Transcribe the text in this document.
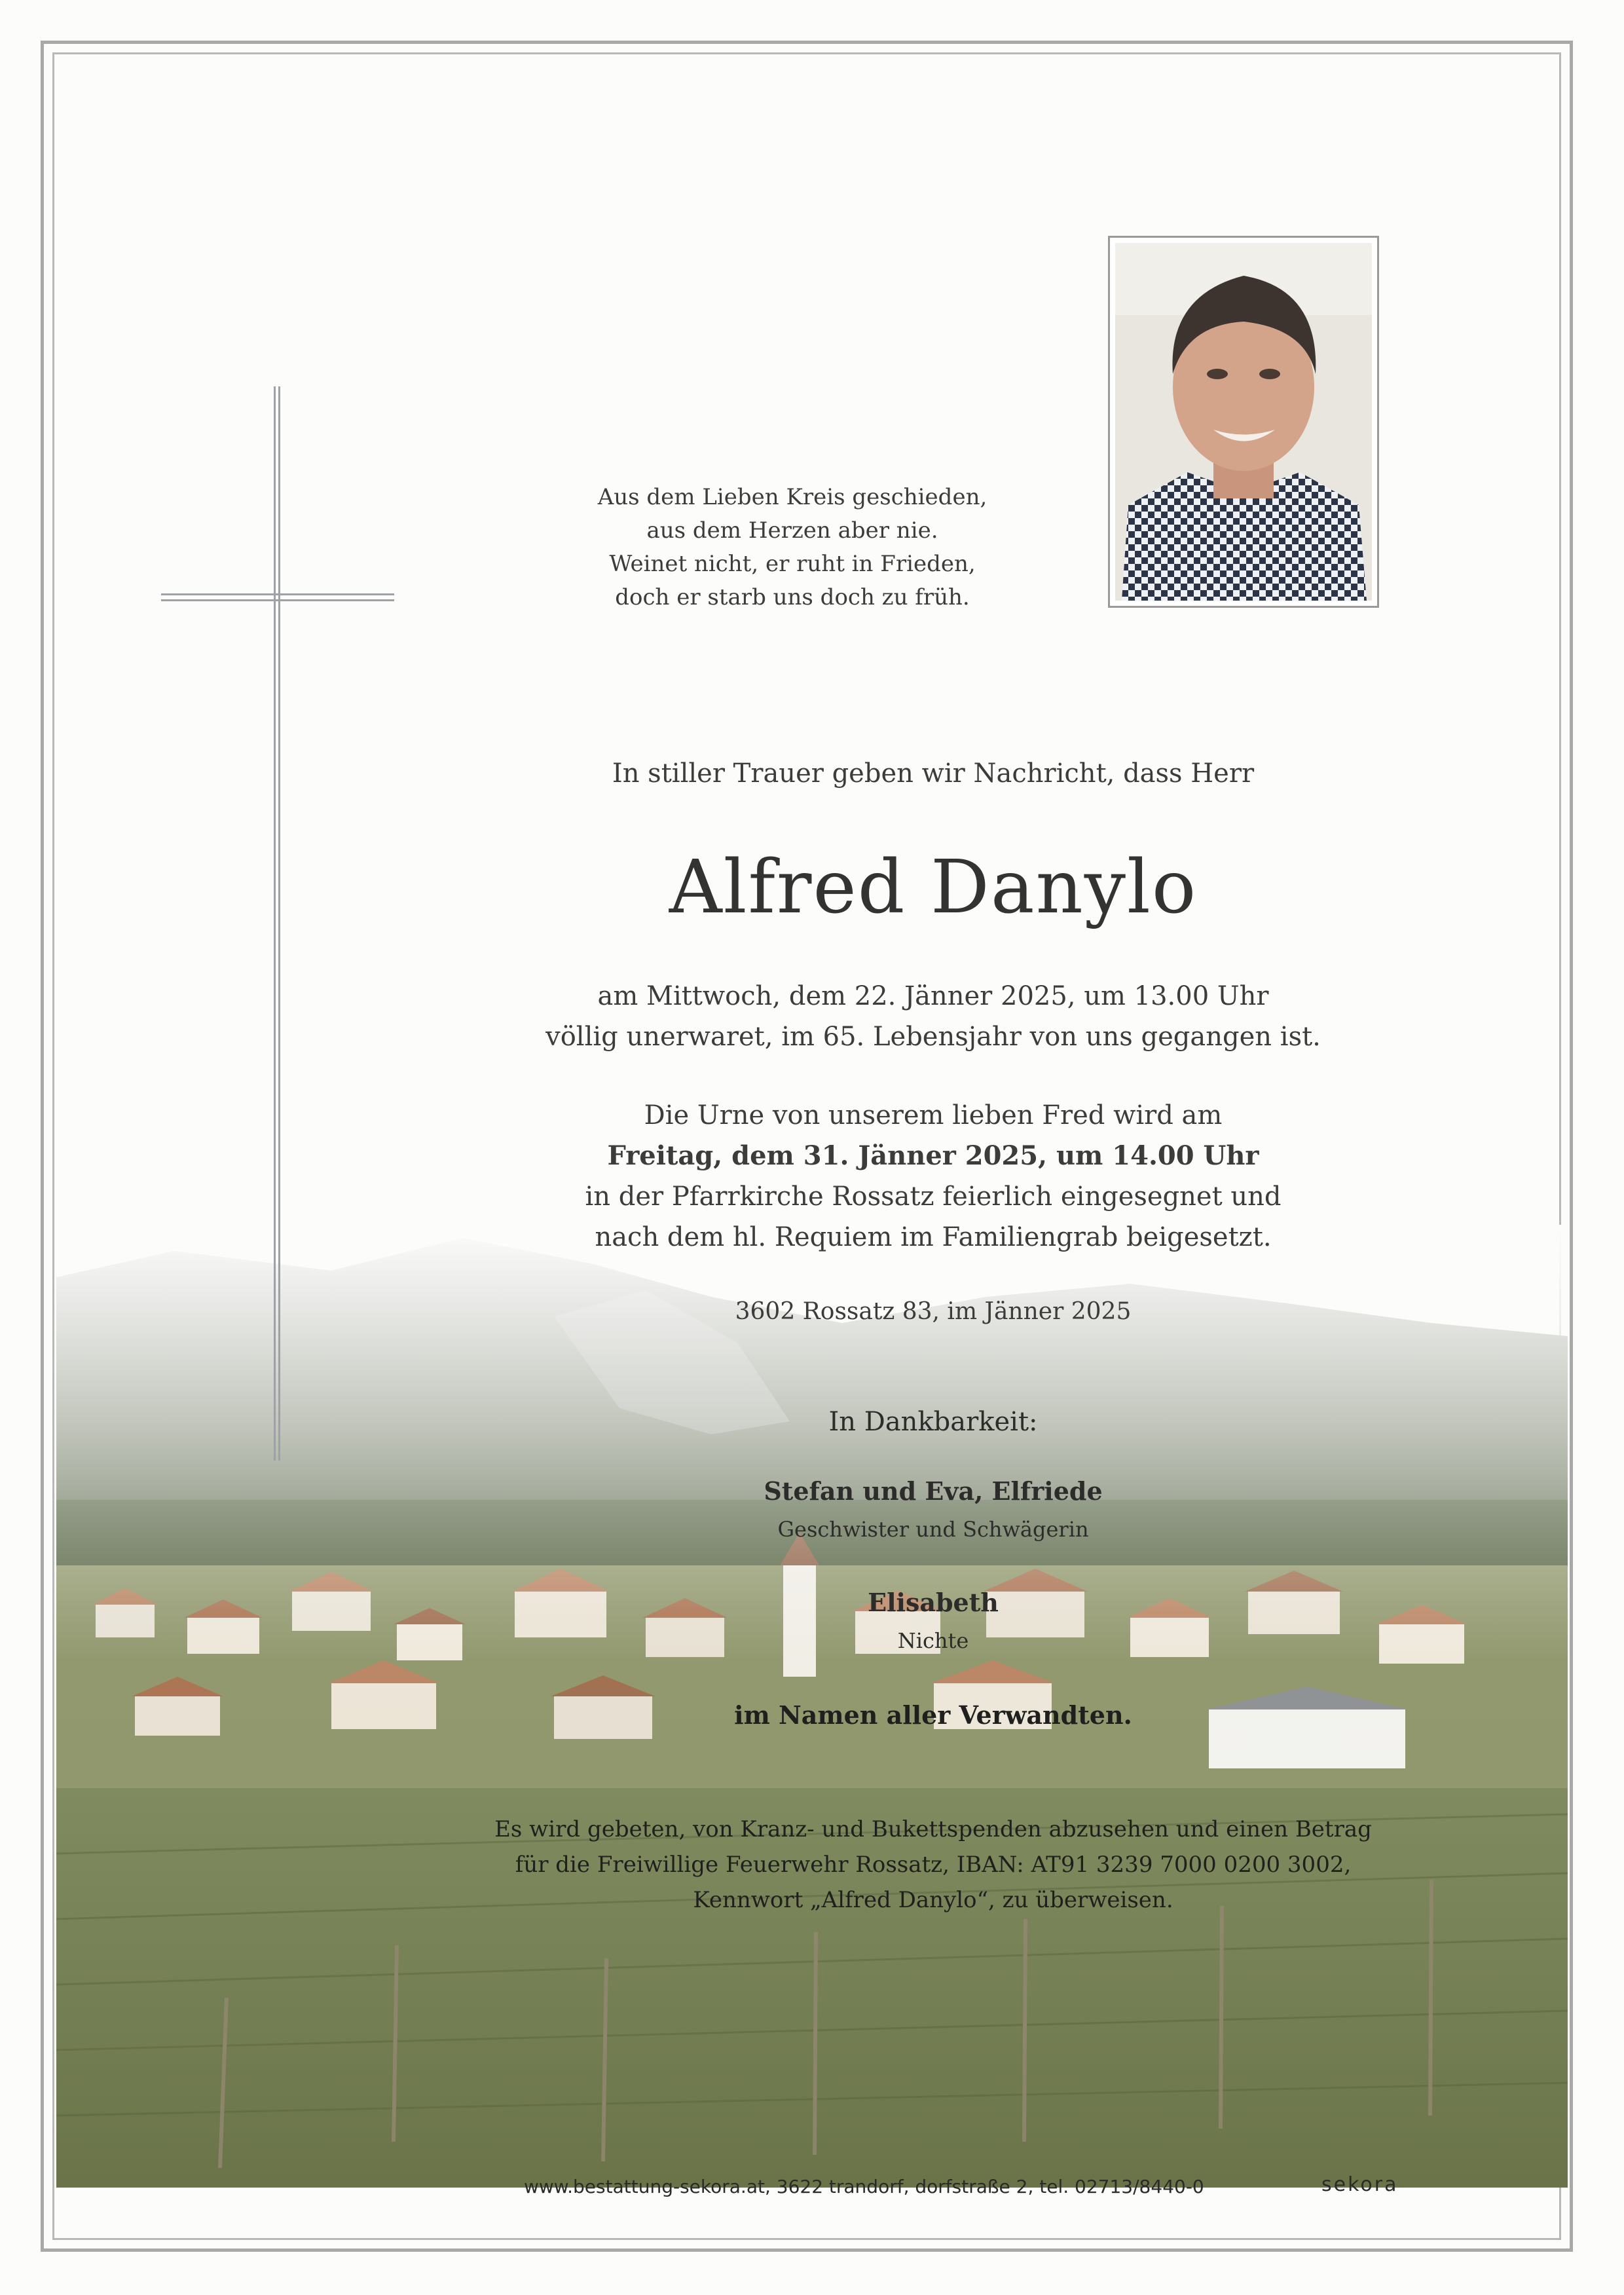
Aus dem Lieben Kreis geschieden,
aus dem Herzen aber nie.
Weinet nicht, er ruht in Frieden,
doch er starb uns doch zu früh.
In stiller Trauer geben wir Nachricht, dass Herr
Alfred Danylo
am Mittwoch, dem 22. Jänner 2025, um 13.00 Uhr
völlig unerwaret, im 65. Lebensjahr von uns gegangen ist.
Die Urne von unserem lieben Fred wird am
Freitag, dem 31. Jänner 2025, um 14.00 Uhr
in der Pfarrkirche Rossatz feierlich eingesegnet und
nach dem hl. Requiem im Familiengrab beigesetzt.
3602 Rossatz 83, im Jänner 2025
In Dankbarkeit:
Stefan und Eva, Elfriede
Geschwister und Schwägerin
Elisabeth
Nichte
im Namen aller Verwandten.
Es wird gebeten, von Kranz- und Bukettspenden abzusehen und einen Betrag
für die Freiwillige Feuerwehr Rossatz, IBAN: AT91 3239 7000 0200 3002,
Kennwort „Alfred Danylo“, zu überweisen.
www.bestattung-sekora.at, 3622 trandorf, dorfstraße 2, tel. 02713/8440-0	sekora
